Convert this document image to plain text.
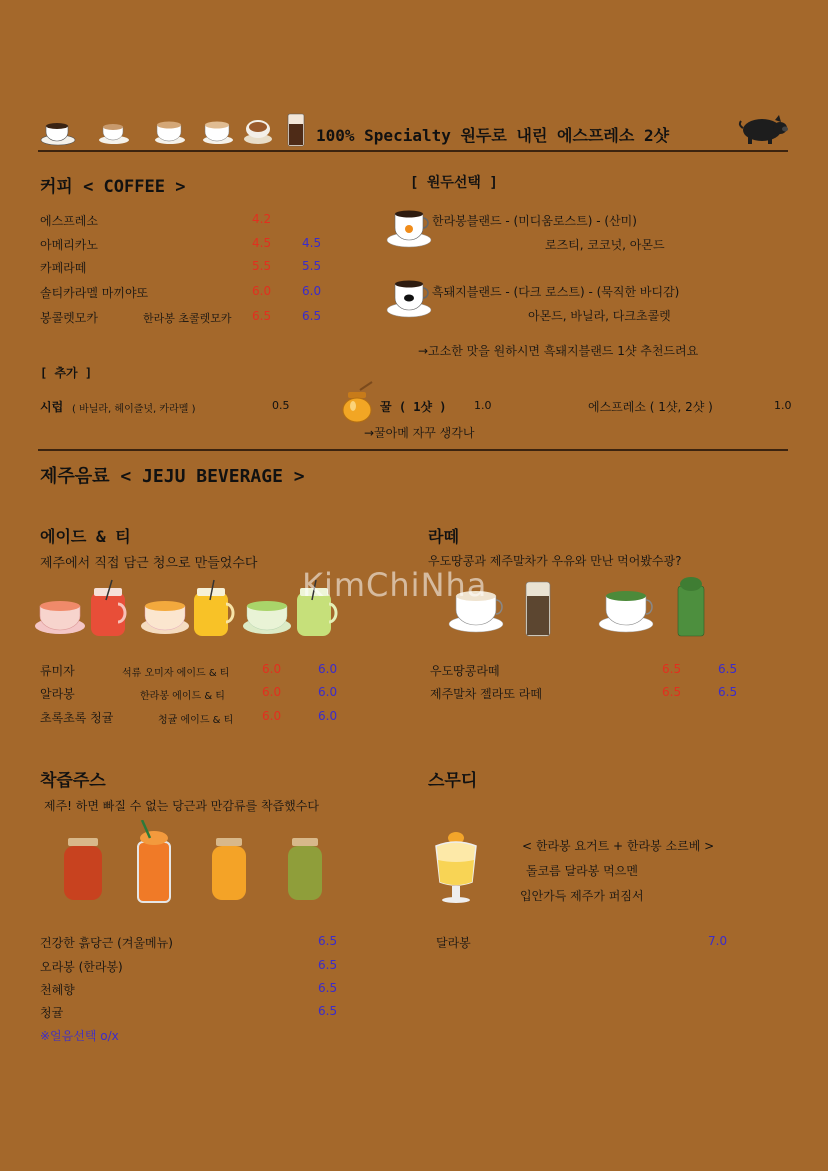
100% Specialty 원두로 내린 에스프레소 2샷
커피 < COFFEE >
에스프레소	4.2
아메리카노	4.5	4.5
카페라떼	5.5	5.5
솔티카라멜 마끼야또	6.0	6.0
봉콜렛모카	한라봉 초콜렛모카 6.5	6.5
[ 원두선택 ]
한라봉블랜드 - (미디움로스트) - (산미)
로즈티, 코코넛, 아몬드
흑돼지블랜드 - (다크 로스트) - (묵직한 바디감)
아몬드, 바닐라, 다크초콜렛
→고소한 맛을 원하시면 흑돼지블랜드 1샷 추천드려요
[ 추가 ]
시럽 ( 바닐라, 헤이즐넛, 카라멜 )	0.5	꿀 ( 1샷 ) 1.0
→꿀아메 자꾸 생각나
에스프레소 ( 1샷, 2샷 )	1.0
제주음료 < JEJU BEVERAGE >
에이드 & 티
제주에서 직접 담근 청으로 만들었수다
류미자	석류 오미자 에이드 & 티	6.0	6.0
알라봉	한라봉 에이드 & 티	6.0	6.0
초록초록 청귤	청귤 에이드 & 티 6.0	6.0
라떼
우도땅콩과 제주말차가 우유와 만난 먹어봤수광?
우도땅콩라떼	6.5	6.5
제주말차 젤라또 라떼	6.5	6.5
착즙주스
제주! 하면 빠질 수 없는 당근과 만감류를 착즙했수다
건강한 흙당근 (겨울메뉴)	6.5
오라봉 (한라봉)	6.5
천혜향	6.5
청귤	6.5
※얼음선택 o/x
스무디
< 한라봉 요거트 + 한라봉 소르베 >
돌코름 달라봉 먹으멘
입안가득 제주가 퍼짐서
달라봉	7.0
KimChiNha
